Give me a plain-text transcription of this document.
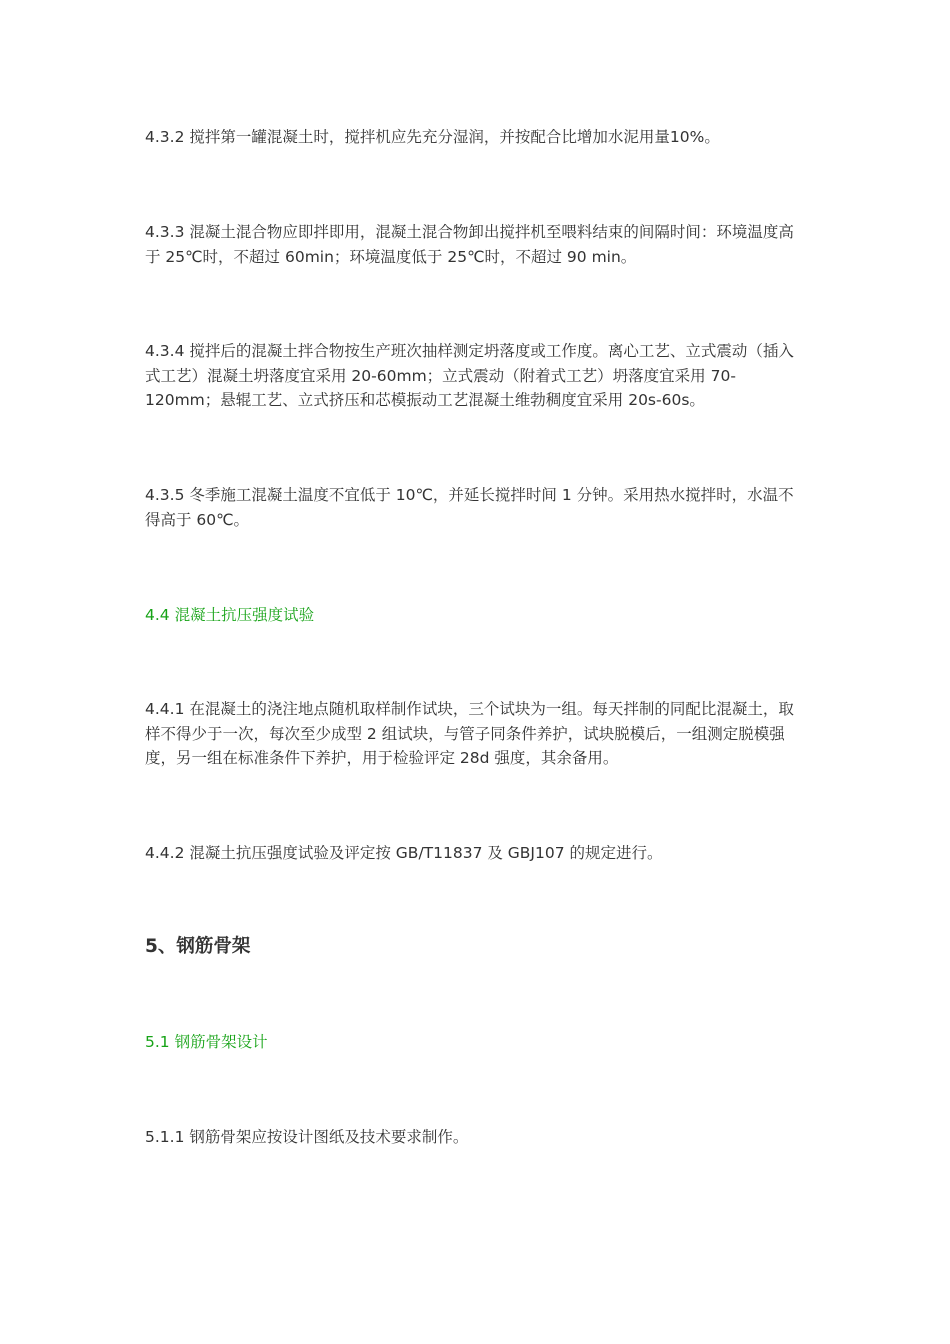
4.3.2 搅拌第一罐混凝土时，搅拌机应先充分湿润，并按配合比增加水泥用量10%。

4.3.3 混凝土混合物应即拌即用，混凝土混合物卸出搅拌机至喂料结束的间隔时间：环境温度高于 25℃时，不超过 60min；环境温度低于 25℃时，不超过 90 min。

4.3.4 搅拌后的混凝土拌合物按生产班次抽样测定坍落度或工作度。离心工艺、立式震动（插入式工艺）混凝土坍落度宜采用 20-60mm；立式震动（附着式工艺）坍落度宜采用 70-120mm；悬辊工艺、立式挤压和芯模振动工艺混凝土维勃稠度宜采用 20s-60s。

4.3.5 冬季施工混凝土温度不宜低于 10℃，并延长搅拌时间 1 分钟。采用热水搅拌时，水温不得高于 60℃。

4.4 混凝土抗压强度试验

4.4.1 在混凝土的浇注地点随机取样制作试块，三个试块为一组。每天拌制的同配比混凝土，取样不得少于一次，每次至少成型 2 组试块，与管子同条件养护，试块脱模后，一组测定脱模强度，另一组在标准条件下养护，用于检验评定 28d 强度，其余备用。

4.4.2 混凝土抗压强度试验及评定按 GB/T11837 及 GBJ107 的规定进行。

5、钢筋骨架

5.1 钢筋骨架设计

5.1.1 钢筋骨架应按设计图纸及技术要求制作。
